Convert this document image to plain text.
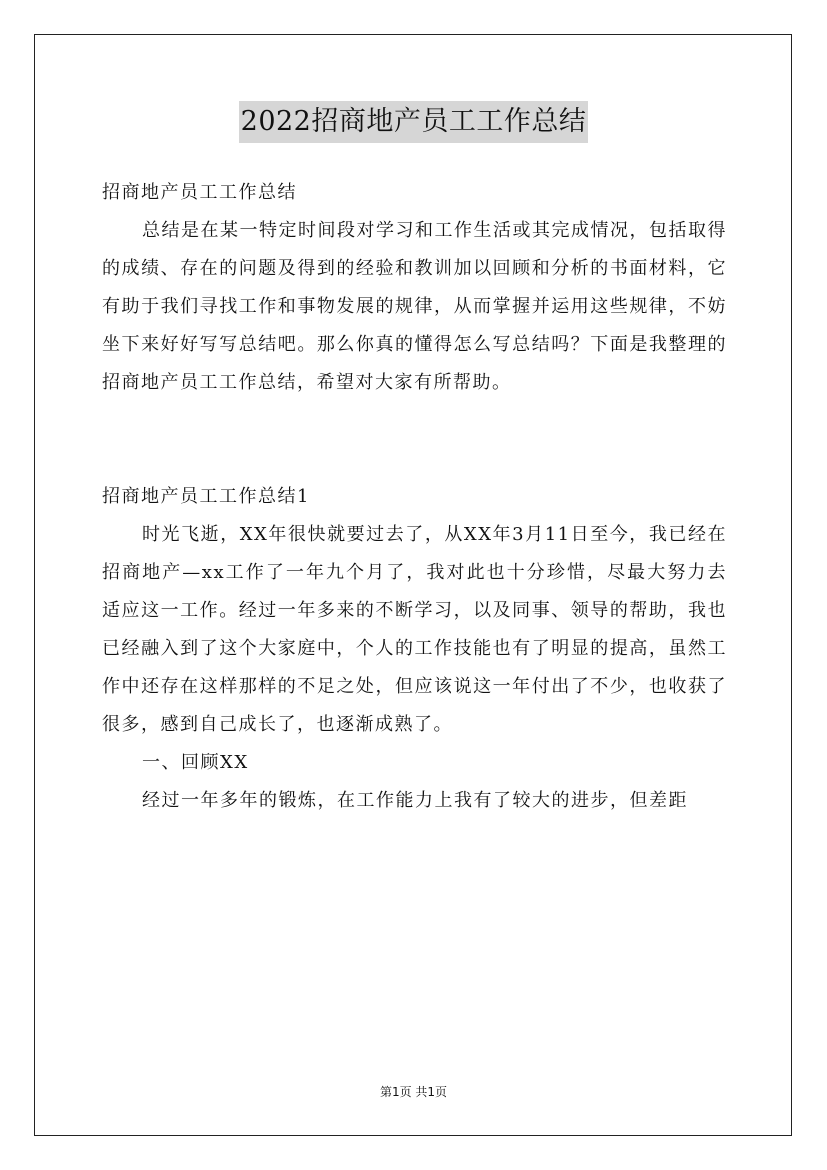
2022招商地产员工工作总结

招商地产员工工作总结

总结是在某一特定时间段对学习和工作生活或其完成情况，包括取得的成绩、存在的问题及得到的经验和教训加以回顾和分析的书面材料，它有助于我们寻找工作和事物发展的规律，从而掌握并运用这些规律，不妨坐下来好好写写总结吧。那么你真的懂得怎么写总结吗？下面是我整理的招商地产员工工作总结，希望对大家有所帮助。

招商地产员工工作总结1

时光飞逝，XX年很快就要过去了，从XX年3月11日至今，我已经在招商地产—xx工作了一年九个月了，我对此也十分珍惜，尽最大努力去适应这一工作。经过一年多来的不断学习，以及同事、领导的帮助，我也已经融入到了这个大家庭中，个人的工作技能也有了明显的提高，虽然工作中还存在这样那样的不足之处，但应该说这一年付出了不少，也收获了很多，感到自己成长了，也逐渐成熟了。

一、回顾XX

经过一年多年的锻炼，在工作能力上我有了较大的进步，但差距

第1页 共1页
